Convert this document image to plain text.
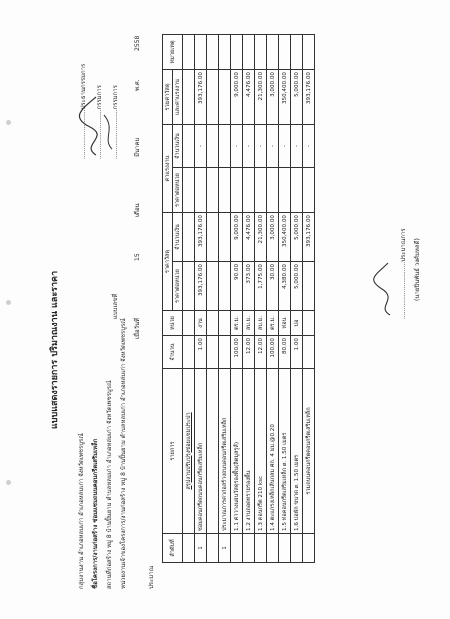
แบบแสดงรายการ ปริมาณงาน และราคา
กลุ่มงานงาน อำเภอหลมเก่า อำเภอหล่มเก่า จังหวัดเพชรบูรณ์ ชื่อโครงการ/งานก่อสร้าง ซ่อมแซมถนนคอนกรีตเสริมเหล็ก สถานที่ก่อสร้าง หมู่ 8 บ้านปิ้นยาม ตำบลหลมเก่า อำเภอหล่มเก่า จังหวัดเพชรบูรณ์ หน่วยงานเจ้าของโครงการ/งานก่อสร้าง หมู่ 8 บ้านปิ้นยาม ตำบลหลมเก่า อำเภอหล่มเก่า จังหวัดเพชรบูรณ์
แบบเลขที่
เมื่อวันที่
15
เดือน
มีนาคม
พ.ศ.
2558
ประมาณ
..........................ประธานกรรมการ
..........................กรรมการ
..........................กรรมการ
ลำดับที่	รายการ	จำนวน	หน่วย	ราคาวัสดุ		ค่าแรงงาน		รวมค่าวัสดุ	หมายเหตุ
				ราคาต่อหน่วย	จำนวนเงิน	ราคาต่อหน่วย	จำนวนเงิน	และค่าแรงงาน	
	สรุปงานปรับปรุงซ่อมแซมประปา								
1	ซ่อมคอนกรีตถนนคอนกรีตเสริมเหล็ก	1.00	งาน	393,176.00	393,176.00		-	393,176.00	

1	ประมาณการค่าก่อสร้างถนนคอนกรีตเสริมเหล็ก								
	1.1 ค่าวางแผ่นวัสดุรองพื้น(ลิตมูลรูส์)	100.00	ตร.ม.	90.00	9,000.00		-	9,000.00	
	1.2 งานถอดทรายรองพื้น	12.00	ลบ.ม.	373.00	4,476.00		-	4,476.00	
	1.3 คอนกรีต 210 ksc	12.00	ลบ.ม.	1,775.00	21,300.00		-	21,300.00	
	1.4 ตะแกรงเหล็กเส้นกลม ศก. 4 มม.@0.20	100.00	ตร.ม.	30.00	3,000.00		-	3,000.00	
	1.5 ท่อคอนกรีตเสริมเหล็ก ø. 1.50 เมตร	80.00	ท่อน	4,380.00	350,400.00		-	350,400.00	
	1.6 บ่อพัก ขนาด ø. 1.50 เมตร	1.00	บ่อ	5,000.00	5,000.00		-	5,000.00	
	รวมถนนคอนกรีตคอนกรีตเสริมเหล็ก				393,176.00		-	393,176.00	
..............................ประมาณการ	(นายปิ่นพันธ์ วงศ์มหลดี)
